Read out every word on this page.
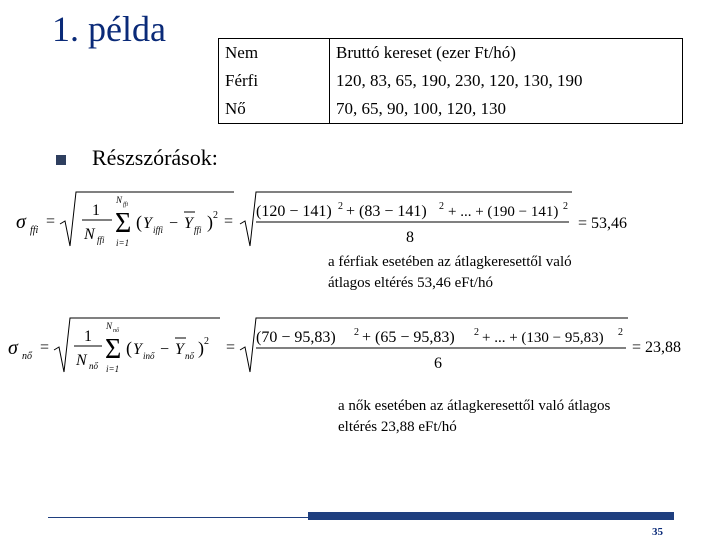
1. példa
Nem	Bruttó kereset (ezer Ft/hó)
Férfi	120, 83, 65, 190, 230, 120, 130, 190
Nő	70, 65, 90, 100, 120, 130
Részszórások:
σ ffi
=
1
N ffi
N ffi
Σ
i=1
( Y iffi − Y ffi ) 2 =
(120 − 141) 2 + (83 − 141) 2 + ... + (190 − 141) 2
8
= 53,46
a férfiak esetében az átlagkeresettől való
átlagos eltérés 53,46 eFt/hó
σ nő
=
1
N nő
N nő
Σ
i=1
( Y inő − Y nő ) 2 =
(70 − 95,83) 2 + (65 − 95,83) 2 + ... + (130 − 95,83) 2
6
= 23,88
a nők esetében az átlagkeresettől való átlagos
eltérés 23,88 eFt/hó
35
